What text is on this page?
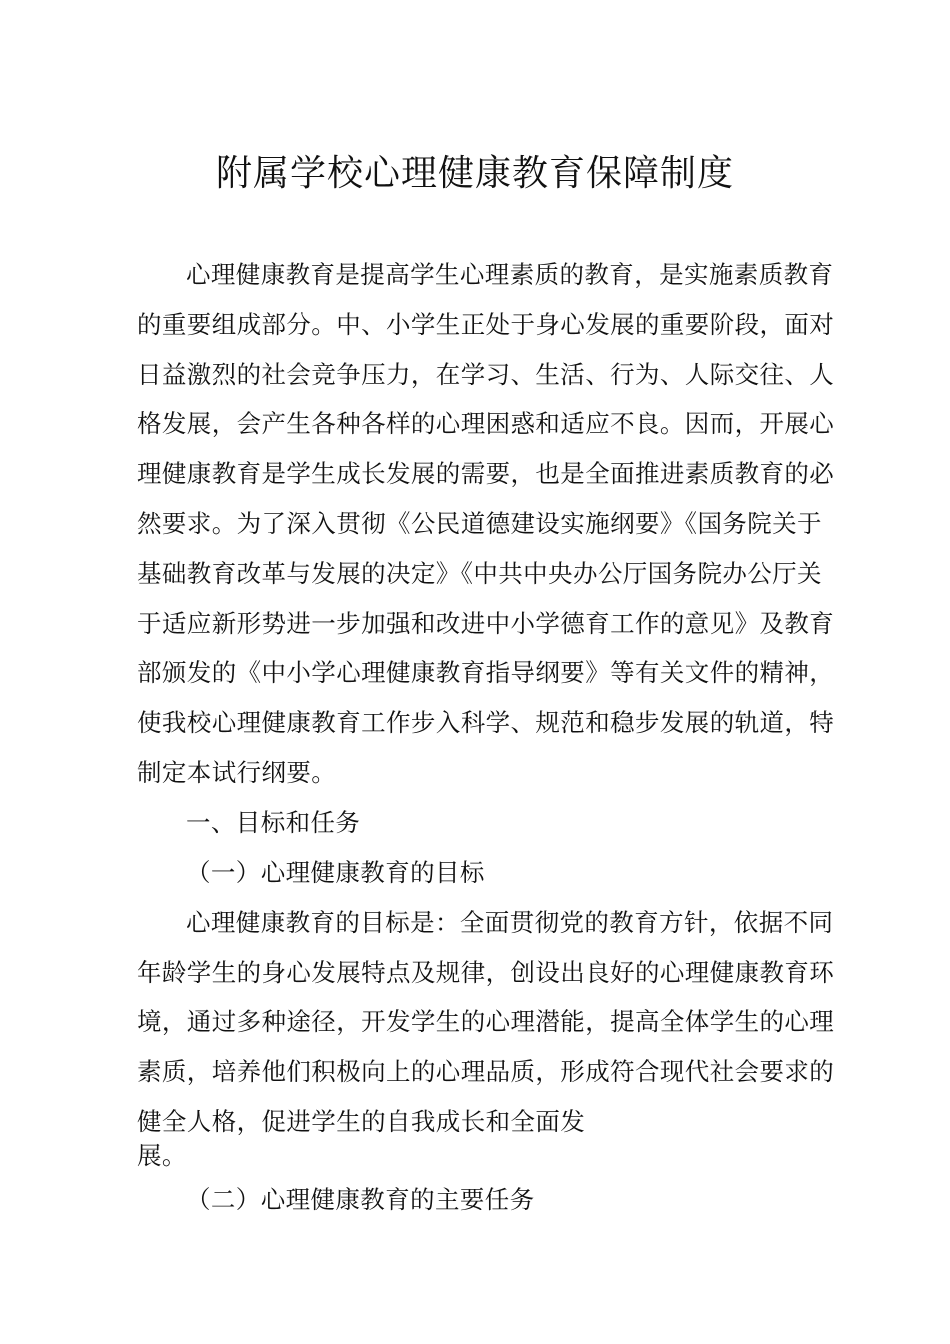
附属学校心理健康教育保障制度

心理健康教育是提高学生心理素质的教育，是实施素质教育

的重要组成部分。中、小学生正处于身心发展的重要阶段，面对

日益激烈的社会竞争压力，在学习、生活、行为、人际交往、人

格发展，会产生各种各样的心理困惑和适应不良。因而，开展心

理健康教育是学生成长发展的需要，也是全面推进素质教育的必

然要求。为了深入贯彻《公民道德建设实施纲要》《国务院关于

基础教育改革与发展的决定》《中共中央办公厅国务院办公厅关

于适应新形势进一步加强和改进中小学德育工作的意见》及教育

部颁发的《中小学心理健康教育指导纲要》等有关文件的精神，

使我校心理健康教育工作步入科学、规范和稳步发展的轨道，特

制定本试行纲要。

一、目标和任务

（一）心理健康教育的目标

心理健康教育的目标是：全面贯彻党的教育方针，依据不同

年龄学生的身心发展特点及规律，创设出良好的心理健康教育环

境，通过多种途径，开发学生的心理潜能，提高全体学生的心理

素质，培养他们积极向上的心理品质，形成符合现代社会要求的

健全人格，促进学生的自我成长和全面发

展。

（二）心理健康教育的主要任务
